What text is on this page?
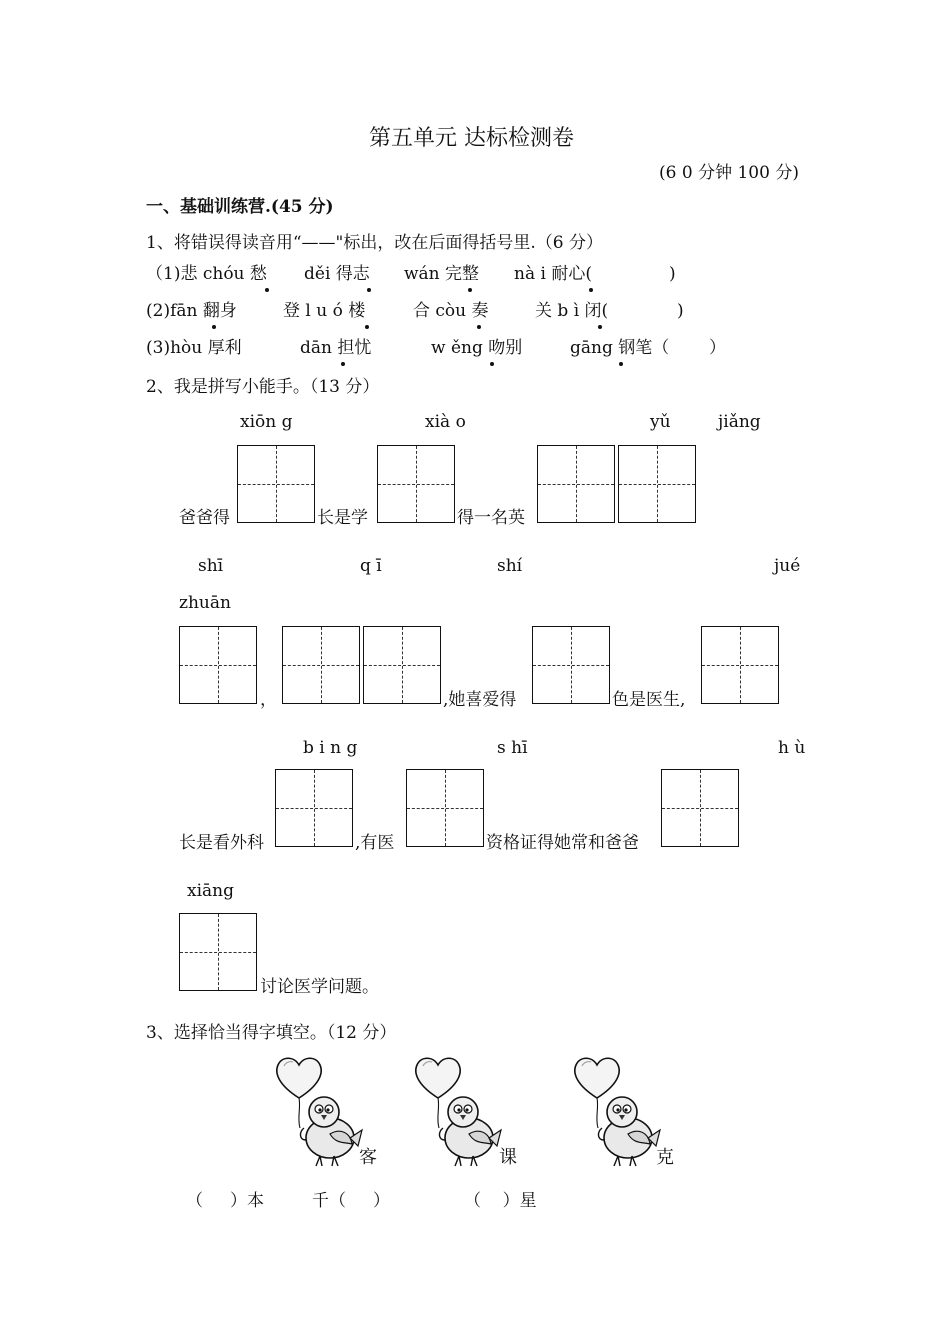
第五单元 达标检测卷
(6 0 分钟 100 分)
一、基础训练营.(45 分)
1、将错误得读音用“——"标出，改在后面得括号里.（6 分）
（1)悲 chóu 愁 děi 得志 wán 完整 nà i 耐心(	)
(2)fān 翻身	登 l u ó 楼	合 còu 奏	关 b ì 闭(	)
(3)hòu 厚利	dān 担忧	w ěng 吻别	gāng 钢笔（ ）
2、我是拼写小能手。（13 分）
xiōn g	xià o	yǔ	jiǎng
爸爸得	长是学	得一名英
shī	q ī	shí	jué
zhuān
，	,她喜爱得	色是医生,
b i n g	s hī	h ù
长是看外科	,有医	资格证得她常和爸爸
xiāng
讨论医学问题。
3、选择恰当得字填空。（12 分）
客	课	克
（     ）本	千（     ）	（    ）星
